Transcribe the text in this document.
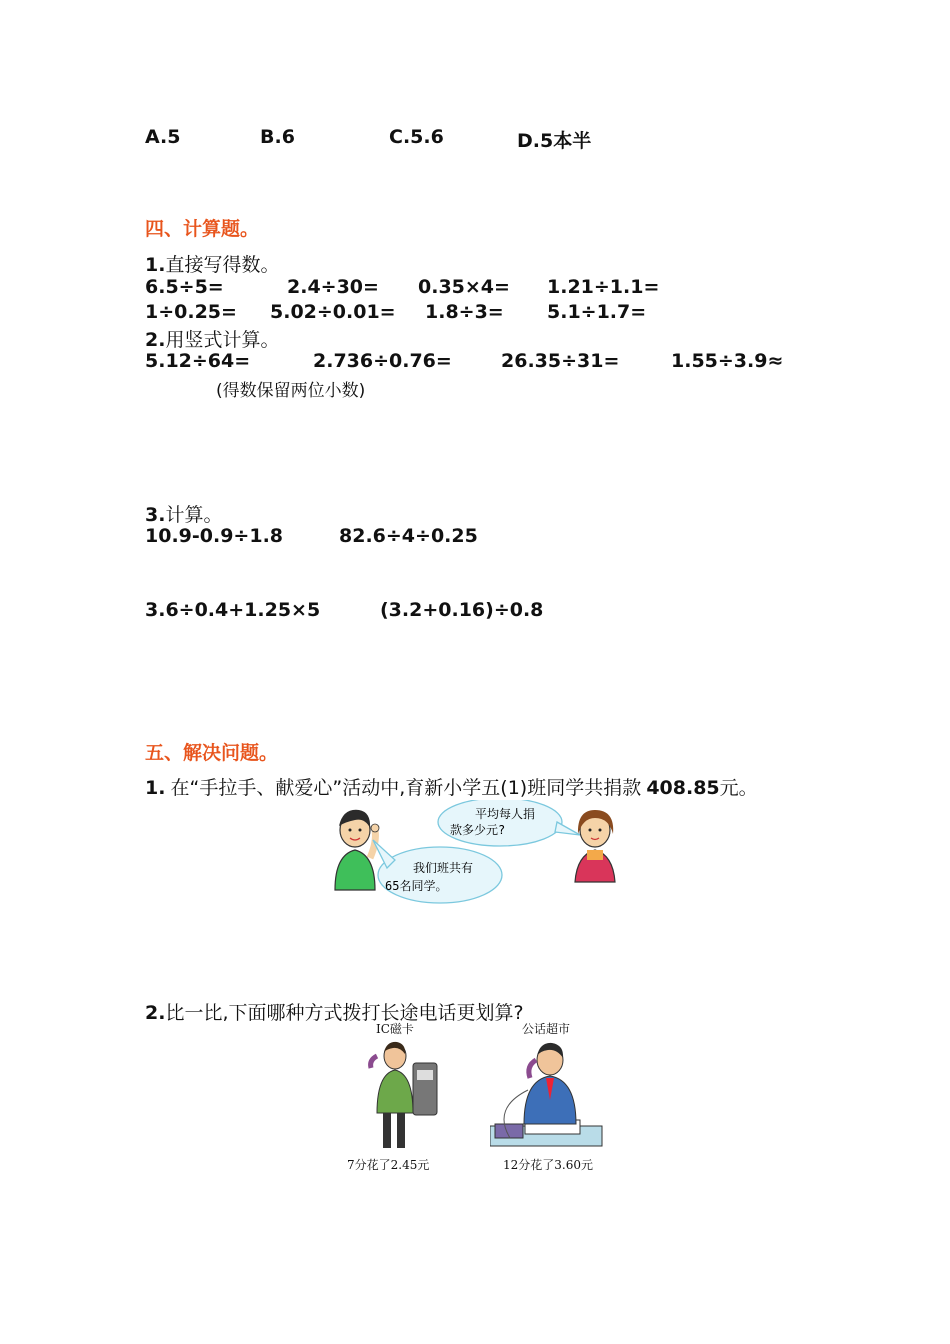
A.5	B.6	C.5.6	D.5本半
四、计算题。
1.直接写得数。
6.5÷5=	2.4÷30= 0.35×4= 1.21÷1.1=
1÷0.25= 5.02÷0.01= 1.8÷3= 5.1÷1.7=
2.用竖式计算。
5.12÷64=	2.736÷0.76=	26.35÷31=	1.55÷3.9≈
(得数保留两位小数)
3.计算。
10.9-0.9÷1.8	82.6÷4÷0.25
3.6÷0.4+1.25×5	(3.2+0.16)÷0.8
五、解决问题。
1. 在“手拉手、献爱心”活动中,育新小学五(1)班同学共捐款 408.85元。
我们班共有
65名同学。
平均每人捐
款多少元?
2.比一比,下面哪种方式拨打长途电话更划算?
IC磁卡	公话超市
7分花了2.45元	12分花了3.60元
